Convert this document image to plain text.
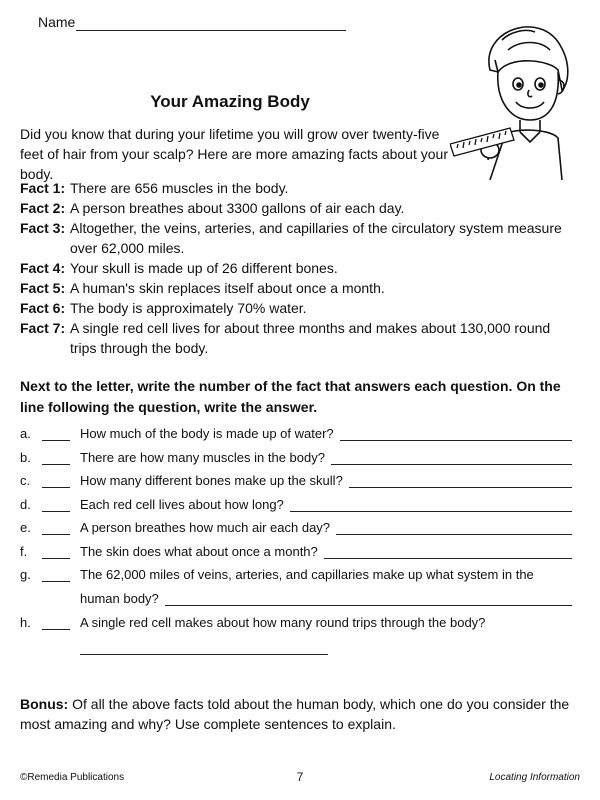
Name
Your Amazing Body
Did you know that during your lifetime you will grow over twenty-five feet of hair from your scalp? Here are more amazing facts about your body.
Fact 1: There are 656 muscles in the body.
Fact 2: A person breathes about 3300 gallons of air each day.
Fact 3: Altogether, the veins, arteries, and capillaries of the circulatory system measure over 62,000 miles.
Fact 4: Your skull is made up of 26 different bones.
Fact 5: A human's skin replaces itself about once a month.
Fact 6: The body is approximately 70% water.
Fact 7: A single red cell lives for about three months and makes about 130,000 round trips through the body.
Next to the letter, write the number of the fact that answers each question. On the line following the question, write the answer.
a.	How much of the body is made up of water?
b.	There are how many muscles in the body?
c.	How many different bones make up the skull?
d.	Each red cell lives about how long?
e.	A person breathes how much air each day?
f.	The skin does what about once a month?
g.	The 62,000 miles of veins, arteries, and capillaries make up what system in the
human body?
h.	A single red cell makes about how many round trips through the body?
Bonus: Of all the above facts told about the human body, which one do you consider the most amazing and why? Use complete sentences to explain.
©Remedia Publications	7	Locating Information
